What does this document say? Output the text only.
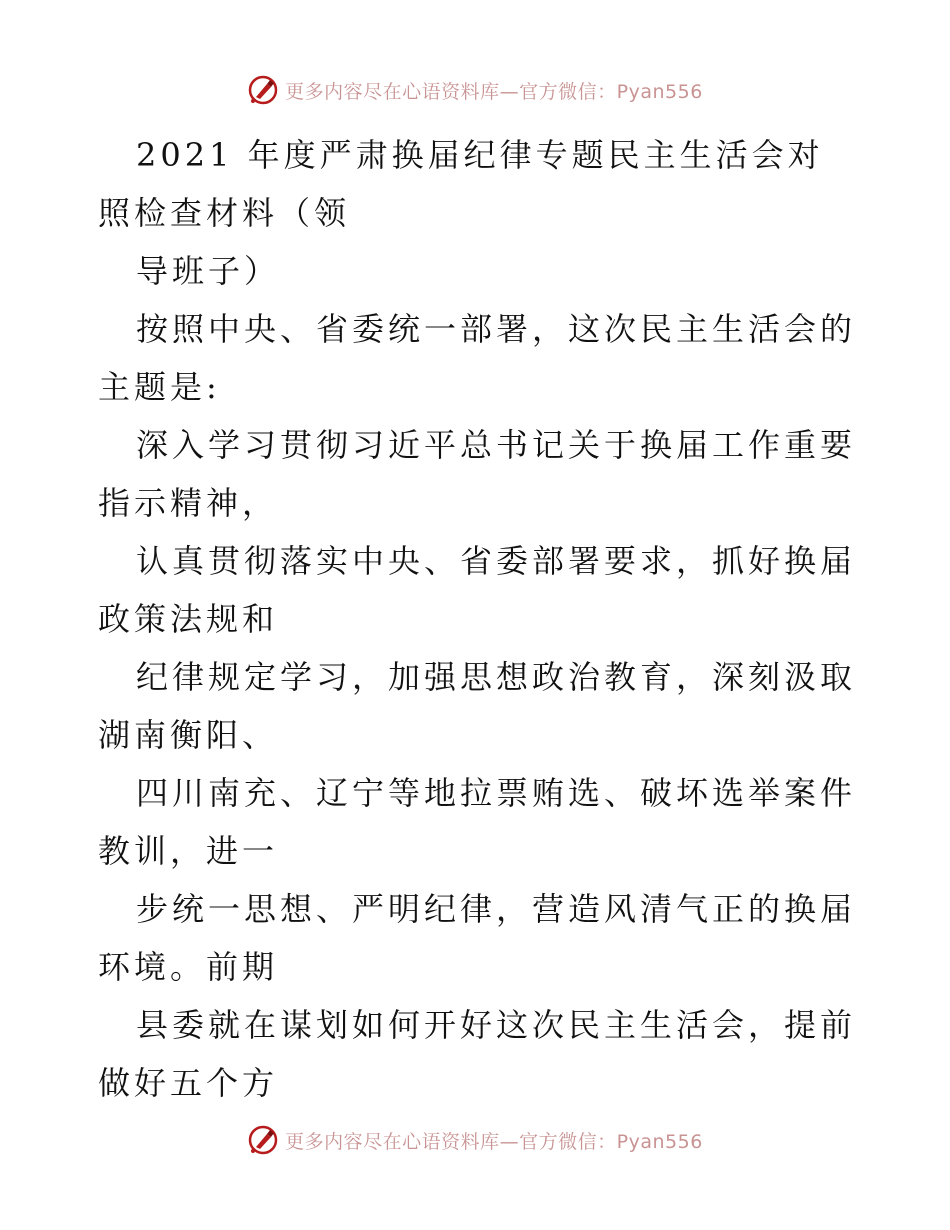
更多内容尽在心语资料库—官方微信：Pyan556

2021 年度严肃换届纪律专题民主生活会对照检查材料（领

导班子）

按照中央、省委统一部署，这次民主生活会的主题是:

深入学习贯彻习近平总书记关于换届工作重要指示精神，

认真贯彻落实中央、省委部署要求，抓好换届政策法规和

纪律规定学习，加强思想政治教育，深刻汲取湖南衡阳、

四川南充、辽宁等地拉票贿选、破坏选举案件教训，进一

步统一思想、严明纪律，营造风清气正的换届环境。前期

县委就在谋划如何开好这次民主生活会，提前做好五个方

更多内容尽在心语资料库—官方微信：Pyan556
